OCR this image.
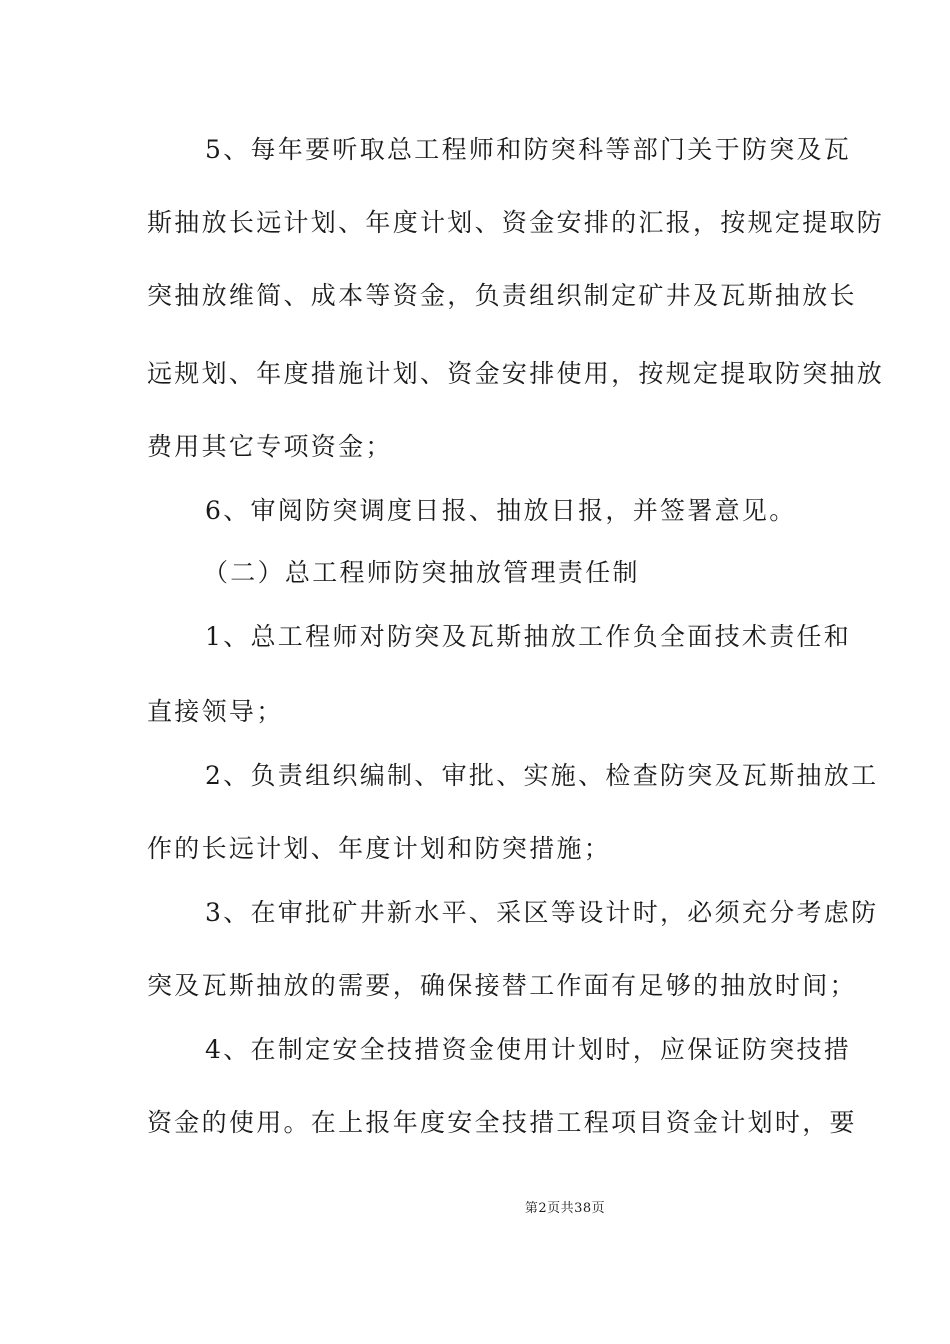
5、每年要听取总工程师和防突科等部门关于防突及瓦
斯抽放长远计划、年度计划、资金安排的汇报，按规定提取防
突抽放维简、成本等资金，负责组织制定矿井及瓦斯抽放长
远规划、年度措施计划、资金安排使用，按规定提取防突抽放
费用其它专项资金；
6、审阅防突调度日报、抽放日报，并签署意见。
（二）总工程师防突抽放管理责任制
1、总工程师对防突及瓦斯抽放工作负全面技术责任和
直接领导；
2、负责组织编制、审批、实施、检查防突及瓦斯抽放工
作的长远计划、年度计划和防突措施；
3、在审批矿井新水平、采区等设计时，必须充分考虑防
突及瓦斯抽放的需要，确保接替工作面有足够的抽放时间；
4、在制定安全技措资金使用计划时，应保证防突技措
资金的使用。在上报年度安全技措工程项目资金计划时，要
第2页共38页
